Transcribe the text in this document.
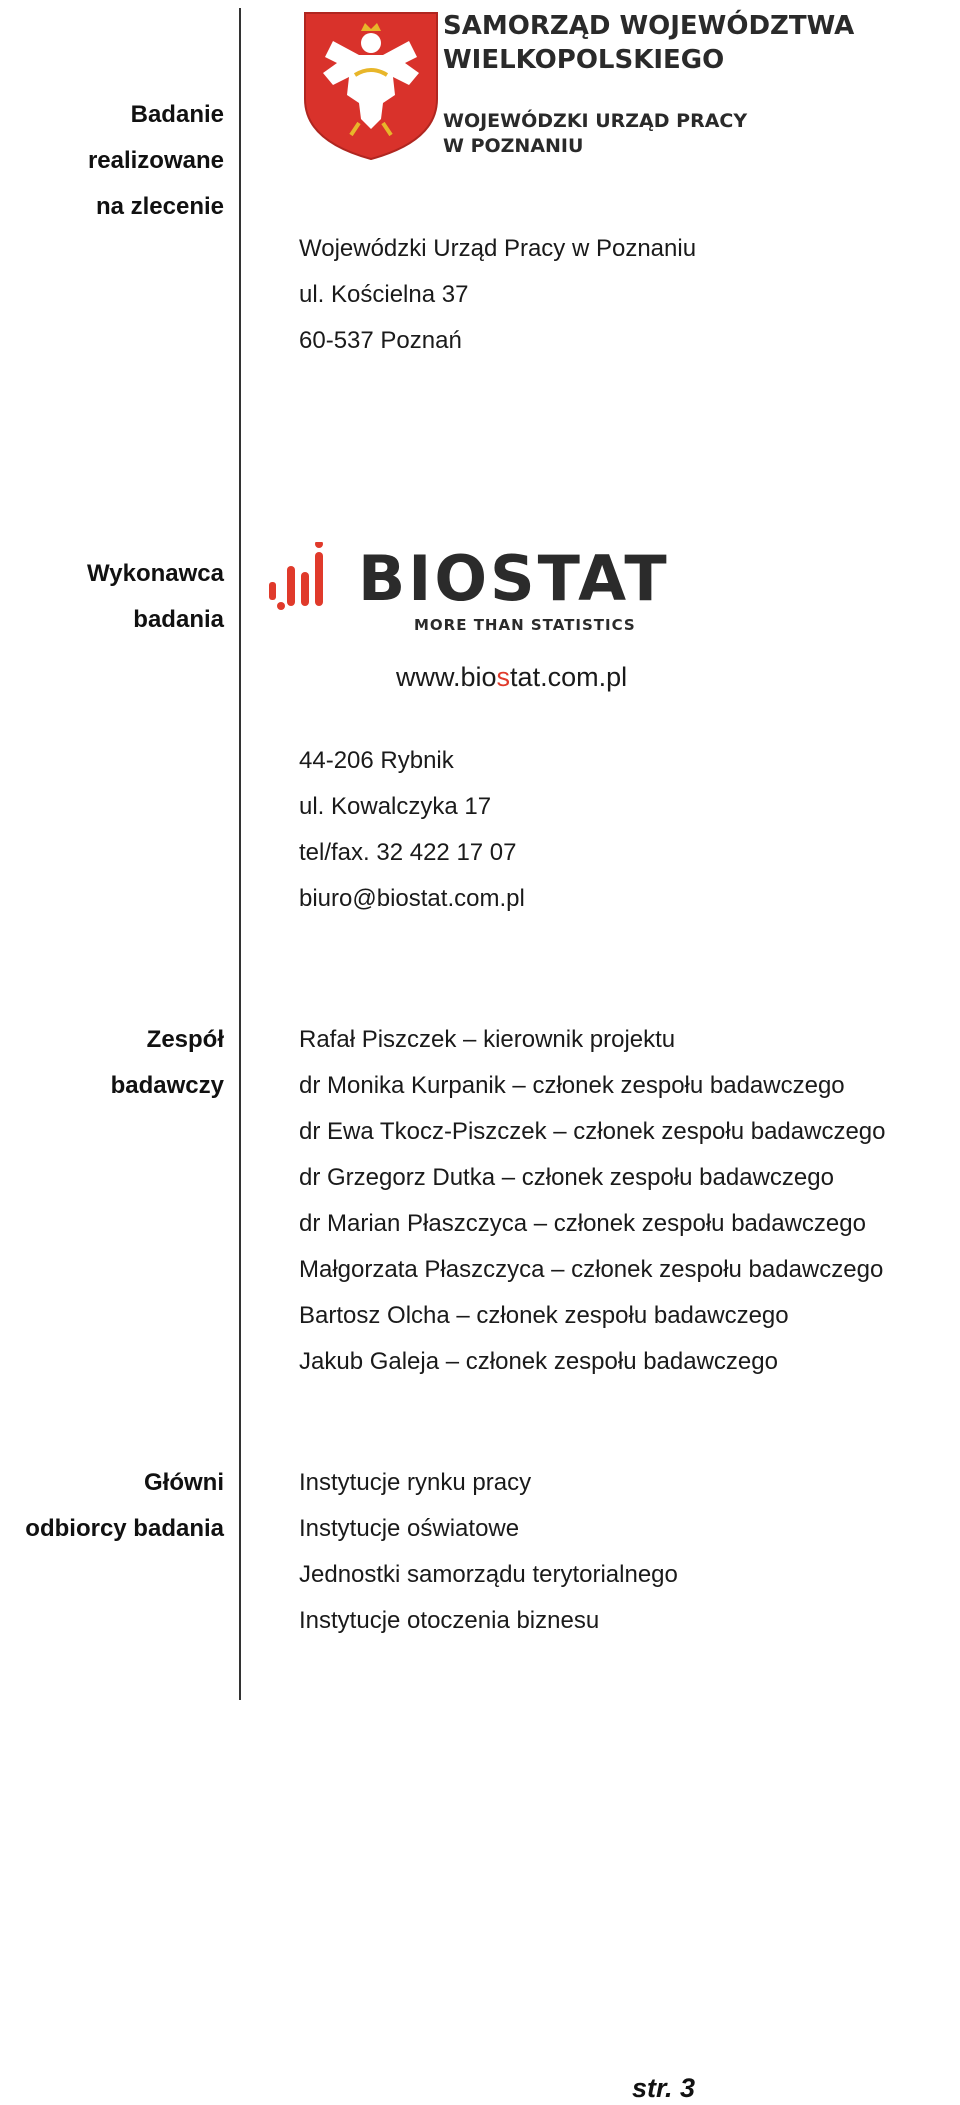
Badanie
realizowane
na zlecenie
SAMORZĄD WOJEWÓDZTWA
WIELKOPOLSKIEGO
WOJEWÓDZKI URZĄD PRACY
W POZNANIU
Wojewódzki Urząd Pracy w Poznaniu
ul. Kościelna 37
60-537 Poznań
Wykonawca
badania
BIOSTAT
MORE THAN STATISTICS
www.biostat.com.pl
44-206 Rybnik
ul. Kowalczyka 17
tel/fax. 32 422 17 07
biuro@biostat.com.pl
Zespół
badawczy
Rafał Piszczek – kierownik projektu
dr Monika Kurpanik – członek zespołu badawczego
dr Ewa Tkocz-Piszczek – członek zespołu badawczego
dr Grzegorz Dutka – członek zespołu badawczego
dr Marian Płaszczyca – członek zespołu badawczego
Małgorzata Płaszczyca – członek zespołu badawczego
Bartosz Olcha – członek zespołu badawczego
Jakub Galeja – członek zespołu badawczego
Główni
odbiorcy badania
Instytucje rynku pracy
Instytucje oświatowe
Jednostki samorządu terytorialnego
Instytucje otoczenia biznesu
str. 3
